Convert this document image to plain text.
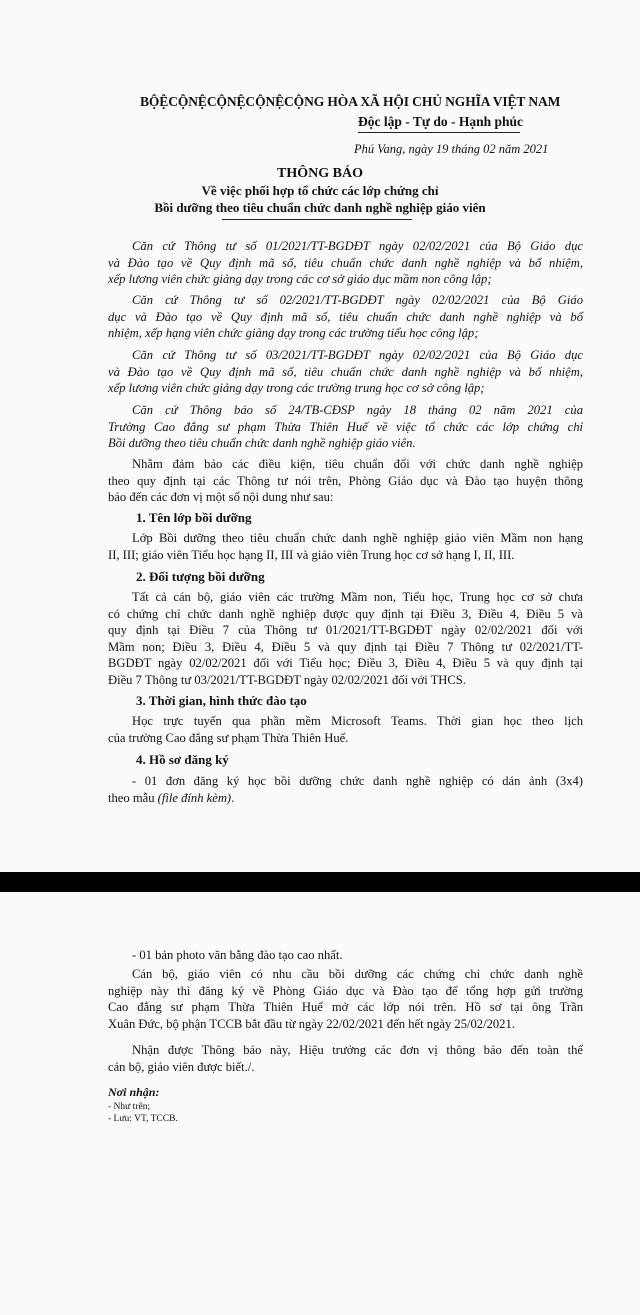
BỘỆCỘNỆCỘNỆCỘNỆCỘNG HÒA XÃ HỘI CHỦ NGHĨA VIỆT NAM

Độc lập - Tự do - Hạnh phúc

Phú Vang, ngày 19 tháng 02 năm 2021

THÔNG BÁO

Về việc phối hợp tổ chức các lớp chứng chỉ

Bồi dưỡng theo tiêu chuẩn chức danh nghề nghiệp giáo viên

Căn cứ Thông tư số 01/2021/TT-BGDĐT ngày 02/02/2021 của Bộ Giáo dục
và Đào tạo về Quy định mã số, tiêu chuẩn chức danh nghề nghiệp và bổ nhiệm,
xếp lương viên chức giảng dạy trong các cơ sở giáo dục mầm non công lập;
Căn cứ Thông tư số 02/2021/TT-BGDĐT ngày 02/02/2021 của Bộ Giáo
dục và Đào tạo về Quy định mã số, tiêu chuẩn chức danh nghề nghiệp và bổ
nhiệm, xếp hạng viên chức giảng dạy trong các trường tiểu học công lập;
Căn cứ Thông tư số 03/2021/TT-BGDĐT ngày 02/02/2021 của Bộ Giáo dục
và Đào tạo về Quy định mã số, tiêu chuẩn chức danh nghề nghiệp và bổ nhiệm,
xếp lương viên chức giảng dạy trong các trường trung học cơ sở công lập;
Căn cứ Thông báo số 24/TB-CĐSP ngày 18 tháng 02 năm 2021 của
Trường Cao đẳng sư phạm Thừa Thiên Huế về việc tổ chức các lớp chứng chỉ
Bồi dưỡng theo tiêu chuẩn chức danh nghề nghiệp giáo viên.
Nhằm đảm bảo các điều kiện, tiêu chuẩn đối với chức danh nghề nghiệp
theo quy định tại các Thông tư nói trên, Phòng Giáo dục và Đào tạo huyện thông
báo đến các đơn vị một số nội dung như sau:

1. Tên lớp bồi dưỡng

Lớp Bồi dưỡng theo tiêu chuẩn chức danh nghề nghiệp giáo viên Mầm non hạng
II, III; giáo viên Tiểu học hạng II, III và giáo viên Trung học cơ sở hạng I, II, III.

2. Đối tượng bồi dưỡng

Tất cả cán bộ, giáo viên các trường Mầm non, Tiểu học, Trung học cơ sở chưa
có chứng chỉ chức danh nghề nghiệp được quy định tại Điều 3, Điều 4, Điều 5 và
quy định tại Điều 7 của Thông tư 01/2021/TT-BGDĐT ngày 02/02/2021 đối với
Mầm non; Điều 3, Điều 4, Điều 5 và quy định tại Điều 7 Thông tư 02/2021/TT-
BGDĐT ngày 02/02/2021 đối với Tiểu học; Điều 3, Điều 4, Điều 5 và quy định tại
Điều 7 Thông tư 03/2021/TT-BGDĐT ngày 02/02/2021 đối với THCS.

3. Thời gian, hình thức đào tạo

Học trực tuyến qua phần mềm Microsoft Teams. Thời gian học theo lịch
của trường Cao đẳng sư phạm Thừa Thiên Huế.

4. Hồ sơ đăng ký

- 01 đơn đăng ký học bồi dưỡng chức danh nghề nghiệp có dán ảnh (3x4)
theo mẫu (file đính kèm).

- 01 bản photo văn bằng đào tạo cao nhất.

Cán bộ, giáo viên có nhu cầu bồi dưỡng các chứng chỉ chức danh nghề
nghiệp này thì đăng ký về Phòng Giáo dục và Đào tạo để tổng hợp gửi trường
Cao đẳng sư phạm Thừa Thiên Huế mở các lớp nói trên. Hồ sơ tại ông Trần
Xuân Đức, bộ phận TCCB bắt đầu từ ngày 22/02/2021 đến hết ngày 25/02/2021.
Nhận được Thông báo này, Hiệu trưởng các đơn vị thông báo đến toàn thể
cán bộ, giáo viên được biết./.

Nơi nhận:

- Như trên;

- Lưu: VT, TCCB.
